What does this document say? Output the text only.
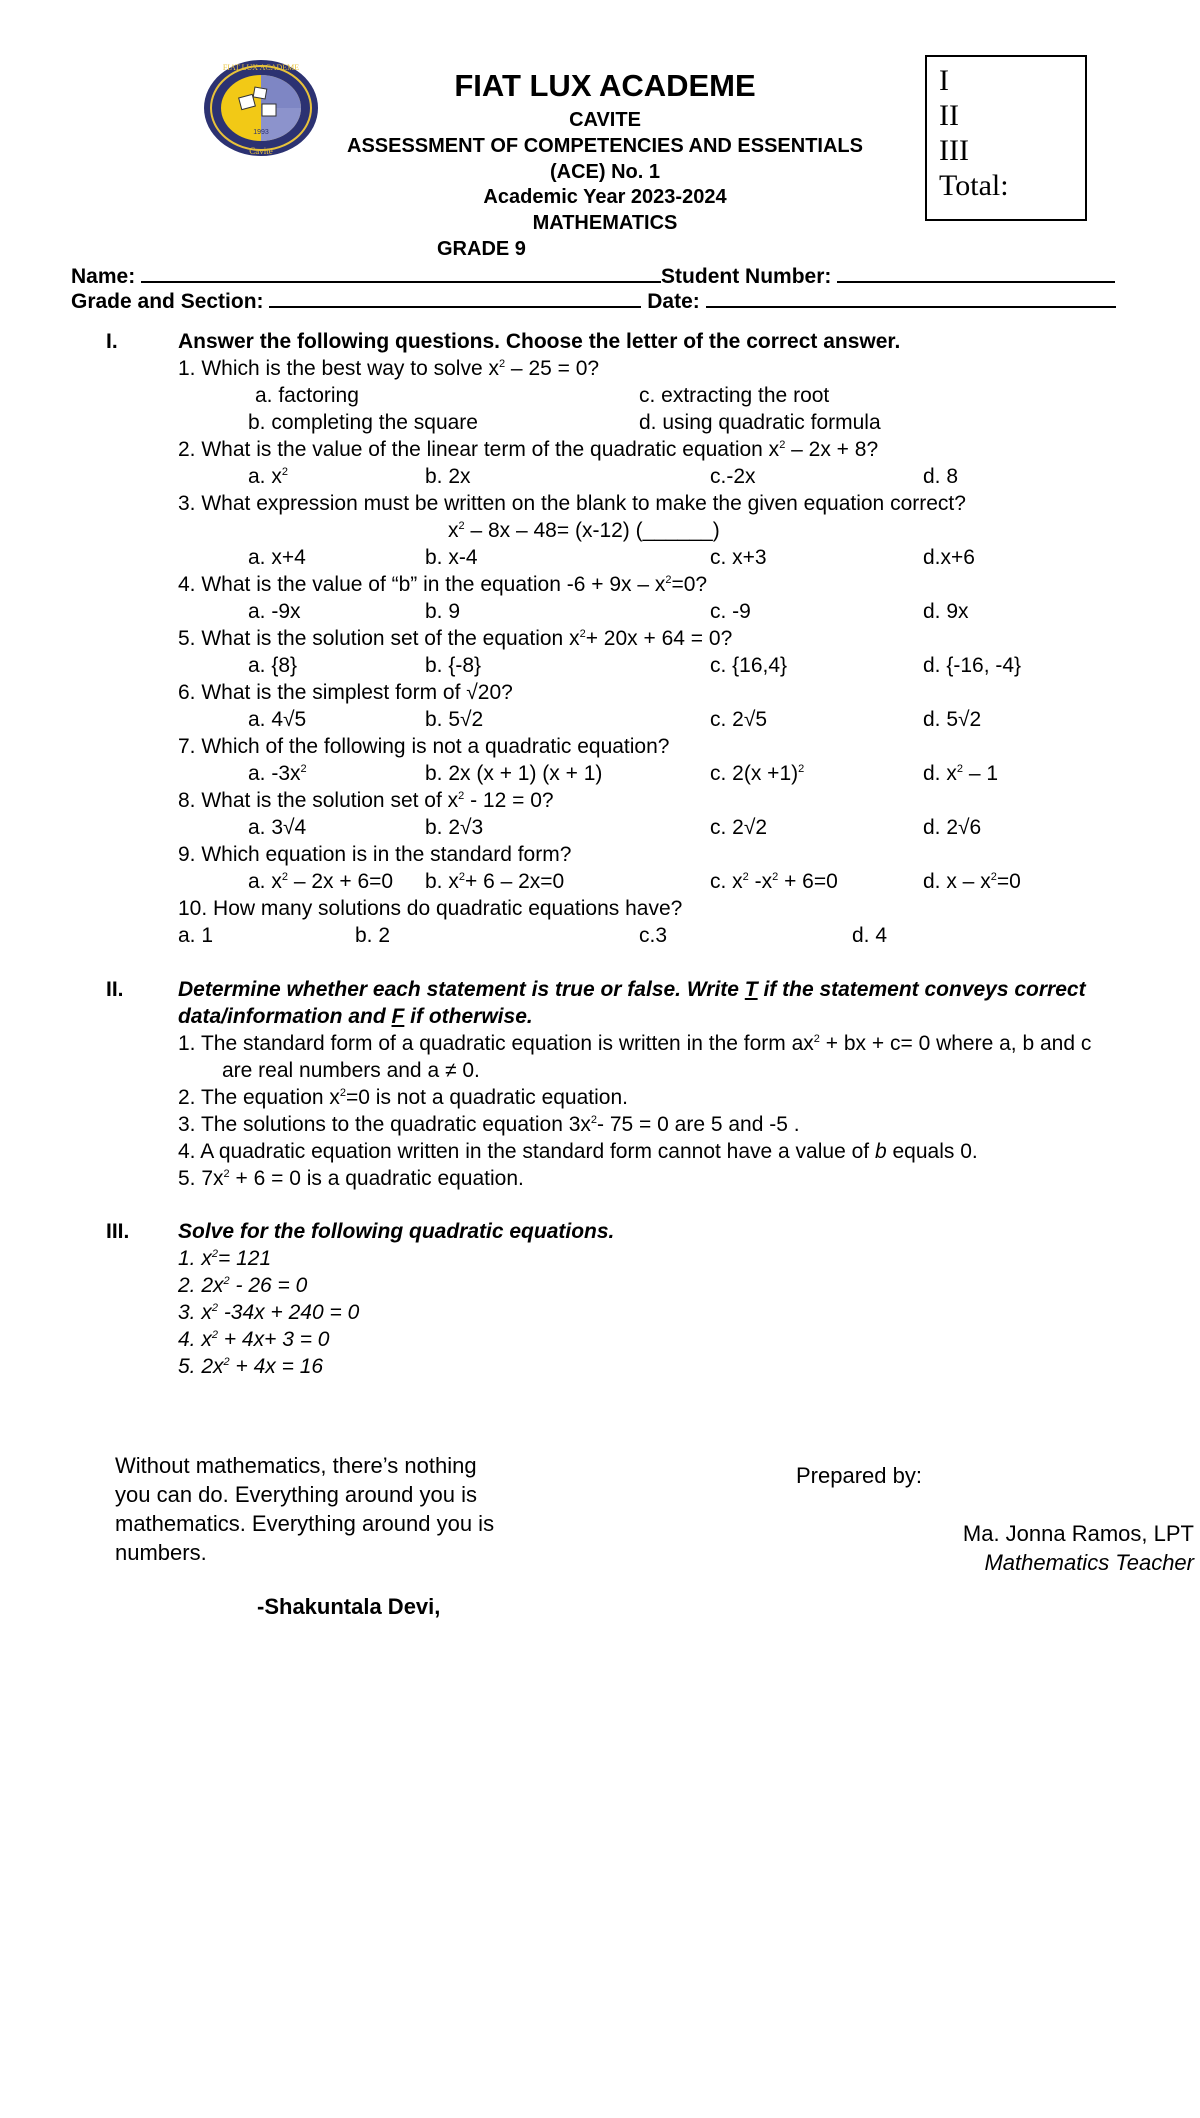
1993
Cavite
FIAT LUX ACADEME
FIAT LUX ACADEME
CAVITE
ASSESSMENT OF COMPETENCIES AND ESSENTIALS
(ACE) No. 1
Academic Year 2023-2024
MATHEMATICS
GRADE 9
I
II
III
Total:
Name:	Student Number:
Grade and Section:	Date:
I.	Answer the following questions. Choose the letter of the correct answer.
1. Which is the best way to solve $x^2 - 25 = 0$?
a. factoring	c. extracting the root
b. completing the square	d. using quadratic formula
2. What is the value of the linear term of the quadratic equation $x^2 - 2x + 8$?
a. $x^2$	b. 2x	c.-2x	d. 8
3. What expression must be written on the blank to make the given equation correct?
$x^2 - 8x - 48= (x-12)$ (______)
a. x+4	b. x-4	c. x+3	d.x+6
4. What is the value of “b” in the equation $-6 + 9x - x^2=0$?
a. -9x	b. 9	c. -9	d. 9x
5. What is the solution set of the equation $x^2+ 20x + 64 = 0$?
a. {8}	b. {-8}	c. {16,4}	d. {-16, -4}
6. What is the simplest form of √20?
a. 4√5	b. 5√2	c. 2√5	d. 5√2
7. Which of the following is not a quadratic equation?
a. $-3x^2$	b. 2x (x + 1) (x + 1)	c. $2(x +1)^2$	d. $x^2 - 1$
8. What is the solution set of $x^2 - 12 = 0$?
a. 3√4	b. 2√3	c. 2√2	d. 2√6
9. Which equation is in the standard form?
a. $x^2 - 2x + 6=0$ b. $x^2+ 6 - 2x=0$	c. $x^2$ $-x^2 + 6=0$	d. $x - x^2=0$
10. How many solutions do quadratic equations have?
a. 1	b. 2	c.3	d. 4
II.	Determine whether each statement is true or false. Write T if the statement conveys correct
data/information and F if otherwise.
1. The standard form of a quadratic equation is written in the form $ax^2$ + bx + c= 0 where a, b and c
are real numbers and a ≠ 0.
2. The equation $x^2=0$ is not a quadratic equation.
3. The solutions to the quadratic equation $3x^2-$ 75 = 0 are 5 and -5 .
4. A quadratic equation written in the standard form cannot have a value of b equals 0.
5. $7x^2 + 6 = 0$ is a quadratic equation.
III. Solve for the following quadratic equations.
1. $x^2= 121$
2. $2x^2 - 26 = 0$
3. $x^2$ -34x + 240 = 0
4. $x^2 + 4x+ 3 = 0$
5. $2x^2 + 4x = 16$
Without mathematics, there’s nothing
you can do. Everything around you is
mathematics. Everything around you is
numbers.
-Shakuntala Devi,
Prepared by:
Ma. Jonna Ramos, LPT
Mathematics Teacher
